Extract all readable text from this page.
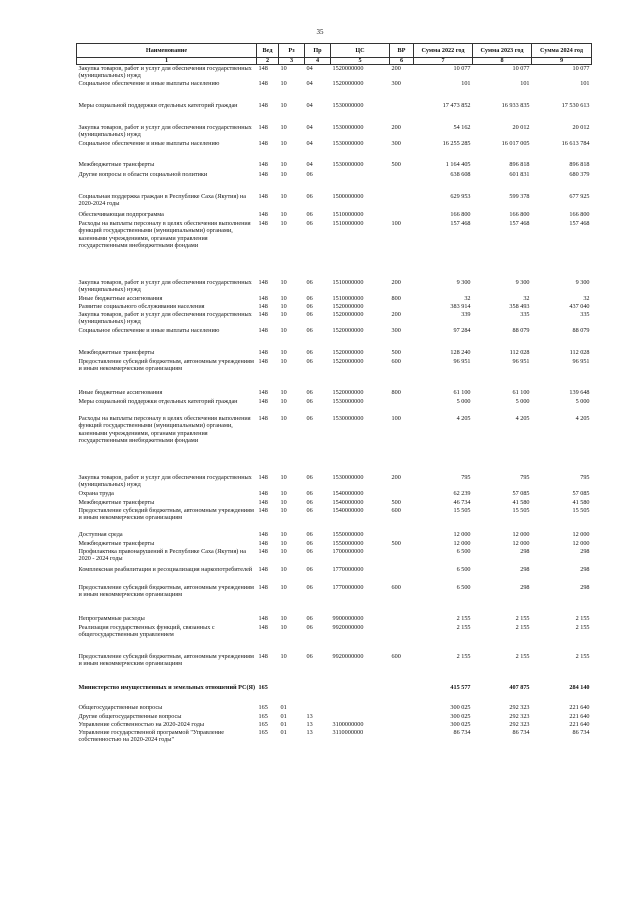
35
Наименование	Вед	Рз	Пр	ЦС	ВР	Сумма 2022 год	Сумма 2023 год	Сумма 2024 год
1	2	3	4	5	6	7	8	9
Закупка товаров, работ и услуг для обеспечения государственных (муниципальных) нужд	148	10	04	1520000000	200	10 077	10 077	10 077
Социальное обеспечение и иные выплаты населению	148	10	04	1520000000	300	101	101	101
Меры социальной поддержки отдельных категорий граждан	148	10	04	1530000000		17 473 852	16 933 835	17 530 613
Закупка товаров, работ и услуг для обеспечения государственных (муниципальных) нужд	148	10	04	1530000000	200	54 162	20 012	20 012
Социальное обеспечение и иные выплаты населению	148	10	04	1530000000	300	16 255 285	16 017 005	16 613 784
Межбюджетные трансферты	148	10	04	1530000000	500	1 164 405	896 818	896 818
Другие вопросы в области социальной политики	148	10	06			638 608	601 831	680 379
Социальная поддержка граждан в Республике Саха (Якутия) на 2020-2024 годы	148	10	06	1500000000		629 953	599 378	677 925
Обеспечивающая подпрограмма	148	10	06	1510000000		166 800	166 800	166 800
Расходы на выплаты персоналу в целях обеспечения выполнения функций государственными (муниципальными) органами, казенными учреждениями, органами управления государственными внебюджетными фондами	148	10	06	1510000000	100	157 468	157 468	157 468
Закупка товаров, работ и услуг для обеспечения государственных (муниципальных) нужд	148	10	06	1510000000	200	9 300	9 300	9 300
Иные бюджетные ассигнования	148	10	06	1510000000	800	32	32	32
Развитие социального обслуживания населения	148	10	06	1520000000		383 914	358 493	437 040
Закупка товаров, работ и услуг для обеспечения государственных (муниципальных) нужд	148	10	06	1520000000	200	339	335	335
Социальное обеспечение и иные выплаты населению	148	10	06	1520000000	300	97 284	88 079	88 079
Межбюджетные трансферты	148	10	06	1520000000	500	128 240	112 028	112 028
Предоставление субсидий бюджетным, автономным учреждениям и иным некоммерческим организациям	148	10	06	1520000000	600	96 951	96 951	96 951
Иные бюджетные ассигнования	148	10	06	1520000000	800	61 100	61 100	139 648
Меры социальной поддержки отдельных категорий граждан	148	10	06	1530000000		5 000	5 000	5 000
Расходы на выплаты персоналу в целях обеспечения выполнения функций государственными (муниципальными) органами, казенными учреждениями, органами управления государственными внебюджетными фондами	148	10	06	1530000000	100	4 205	4 205	4 205
Закупка товаров, работ и услуг для обеспечения государственных (муниципальных) нужд	148	10	06	1530000000	200	795	795	795
Охрана труда	148	10	06	1540000000		62 239	57 085	57 085
Межбюджетные трансферты	148	10	06	1540000000	500	46 734	41 580	41 580
Предоставление субсидий бюджетным, автономным учреждениям и иным некоммерческим организациям	148	10	06	1540000000	600	15 505	15 505	15 505
Доступная среда	148	10	06	1550000000		12 000	12 000	12 000
Межбюджетные трансферты	148	10	06	1550000000	500	12 000	12 000	12 000
Профилактика правонарушений в Республике Саха (Якутия) на 2020 - 2024 годы	148	10	06	1700000000		6 500	298	298
Комплексная реабилитация и ресоциализация наркопотребителей	148	10	06	1770000000		6 500	298	298
Предоставление субсидий бюджетным, автономным учреждениям и иным некоммерческим организациям	148	10	06	1770000000	600	6 500	298	298
Непрограммные расходы	148	10	06	9900000000		2 155	2 155	2 155
Реализация государственных функций, связанных с общегосударственным управлением	148	10	06	9920000000		2 155	2 155	2 155
Предоставление субсидий бюджетным, автономным учреждениям и иным некоммерческим организациям	148	10	06	9920000000	600	2 155	2 155	2 155
Министерство имущественных и земельных отношений РС(Я)	165					415 577	407 875	284 140
Общегосударственные вопросы	165	01				300 025	292 323	221 640
Другие общегосударственные вопросы	165	01	13			300 025	292 323	221 640
Управление собственностью на 2020-2024 годы	165	01	13	3100000000		300 025	292 323	221 640
Управление государственной программой "Управление собственностью на 2020-2024 годы"	165	01	13	3110000000		86 734	86 734	86 734
